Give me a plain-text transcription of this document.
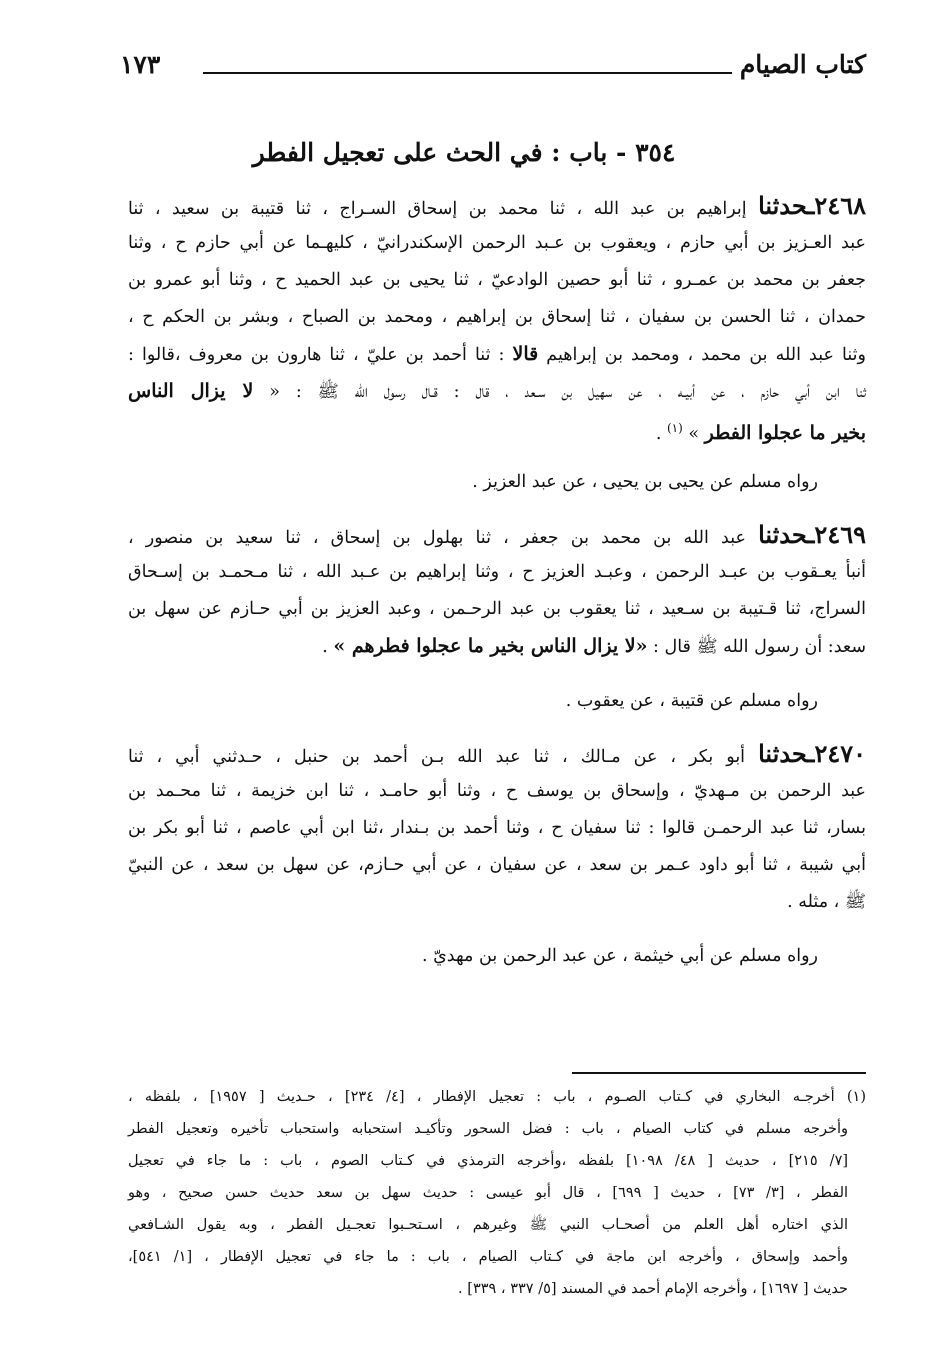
كتاب الصيام
١٧٣
٣٥٤ - باب : في الحث على تعجيل الفطر
٢٤٦٨ـحدثنا إبراهيم بن عبد الله ، ثنا محمد بن إسحاق السـراج ، ثنا قتيبة بن سعيد ، ثنا
عبد العـزيز بن أبي حازم ، ويعقوب بن عـبد الرحمن الإسكندرانيّ ، كليهـما عن أبي حازم ح ، وثنا
جعفر بن محمد بن عمـرو ، ثنا أبو حصين الوادعيّ ، ثنا يحيى بن عبد الحميد ح ، وثنا أبو عمرو بن
حمدان ، ثنا الحسن بن سفيان ، ثنا إسحاق بن إبراهيم ، ومحمد بن الصباح ، وبشر بن الحكم ح ،
وثنا عبد الله بن محمد ، ومحمد بن إبراهيم قالا : ثنا أحمد بن عليّ ، ثنا هارون بن معروف ،قالوا :
ثنا ابن أبي حازم ، عن أبيـه ، عن سهيل بن سـعد ، قال : قـال رسول الله ﷺ : « لا يزال الناس
بخير ما عجلوا الفطر » $^{(١)}$ .
رواه مسلم عن يحيى بن يحيى ، عن عبد العزيز .
٢٤٦٩ـحدثنا عبد الله بن محمد بن جعفر ، ثنا بهلول بن إسحاق ، ثنا سعيد بن منصور ،
أنبأ يعـقوب بن عبـد الرحمن ، وعبـد العزيز ح ، وثنا إبراهيم بن عـبد الله ، ثنا مـحمـد بن إسـحاق
السراج، ثنا قـتيبة بن سـعيد ، ثنا يعقوب بن عبد الرحـمن ، وعبد العزيز بن أبي حـازم عن سهل بن
سعد: أن رسول الله ﷺ قال : «لا يزال الناس بخير ما عجلوا فطرهم » .
رواه مسلم عن قتيبة ، عن يعقوب .
٢٤٧٠ـحدثنا أبو بكر ، عن مـالك ، ثنا عبد الله بـن أحمد بن حنبل ، حـدثني أبي ، ثنا
عبد الرحمن بن مـهديّ ، وإسحاق بن يوسف ح ، وثنا أبو حامـد ، ثنا ابن خزيمة ، ثنا محـمد بن
بسار، ثنا عبد الرحمـن قالوا : ثنا سفيان ح ، وثنا أحمد بن بـندار ،ثنا ابن أبي عاصم ، ثنا أبو بكر بن
أبي شيبة ، ثنا أبو داود عـمر بن سعد ، عن سفيان ، عن أبي حـازم، عن سهل بن سعد ، عن النبيّ
ﷺ ، مثله .
رواه مسلم عن أبي خيثمة ، عن عبد الرحمن بن مهديّ .
(١) أخرجـه البخاري في كـتاب الصـوم ، باب : تعجيل الإفطار ، [٤/ ٢٣٤] ، حـديث [ ١٩٥٧] ، بلفظه ،
وأخرجه مسلم في كتاب الصيام ، باب : فضل السحور وتأكيـد استحبابه واستحباب تأخيره وتعجيل الفطر
[٧/ ٢١٥] ، حديث [ ٤٨/ ١٠٩٨] بلفظه ،وأخرجه الترمذي في كـتاب الصوم ، باب : ما جاء في تعجيل
الفطر ، [٣/ ٧٣] ، حديث [ ٦٩٩] ، قال أبو عيسى : حديث سهل بن سعد حديث حسن صحيح ، وهو
الذي اختاره أهل العلم من أصحـاب النبي ﷺ وغيرهم ، اسـتحـبوا تعجـيل الفطر ، وبه يقول الشـافعي
وأحمد وإسحاق ، وأخرجه ابن ماجة في كـتاب الصيام ، باب : ما جاء في تعجيل الإفطار ، [١/ ٥٤١]،
حديث [ ١٦٩٧] ، وأخرجه الإمام أحمد في المسند [٥/ ٣٣٧ ، ٣٣٩] .
